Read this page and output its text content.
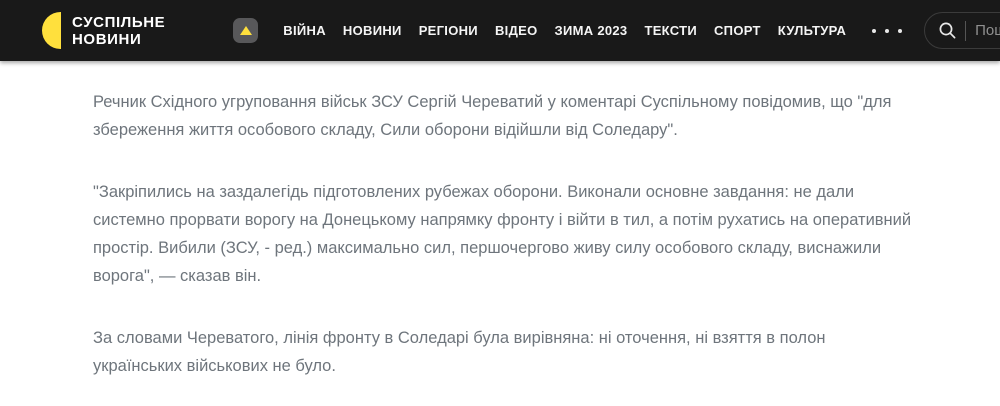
СУСПІЛЬНЕ
НОВИНИ	ВІЙНА НОВИНИ РЕГІОНИ ВІДЕО ЗИМА 2023 ТЕКСТИ СПОРТ КУЛЬТУРА
Пошук

Речник Східного угруповання військ ЗСУ Сергій Череватий у коментарі Суспільному повідомив, що "для збереження життя особового складу, Сили оборони відійшли від Соледару".

"Закріпились на заздалегідь підготовлених рубежах оборони. Виконали основне завдання: не дали системно прорвати ворогу на Донецькому напрямку фронту і війти в тил, а потім рухатись на оперативний простір. Вибили (ЗСУ, - ред.) максимально сил, першочергово живу силу особового складу, виснажили ворога", — сказав він.

За словами Череватого, лінія фронту в Соледарі була вирівняна: ні оточення, ні взяття в полон українських військових не було.
